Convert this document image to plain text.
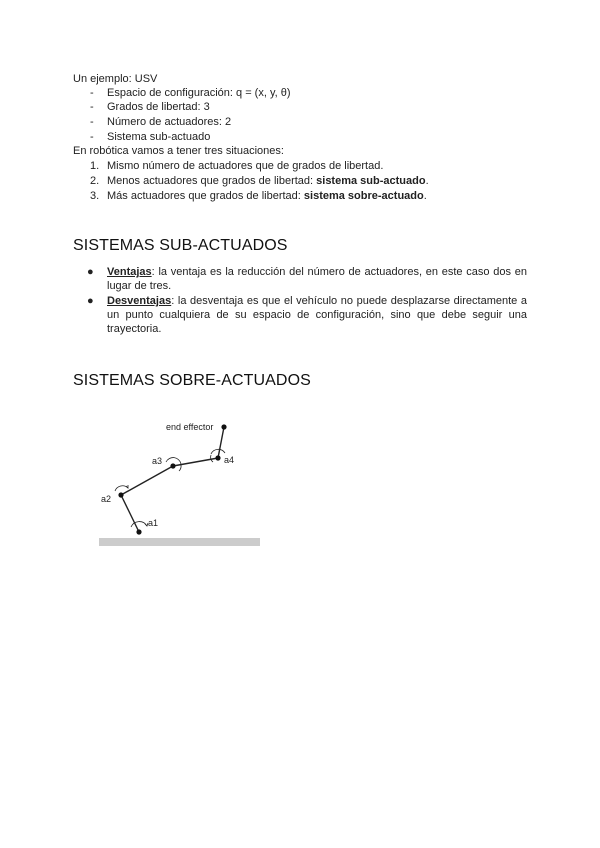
Un ejemplo: USV
-	Espacio de configuración: q = (x, y, θ)
-	Grados de libertad: 3
-	Número de actuadores: 2
-	Sistema sub-actuado
En robótica vamos a tener tres situaciones:
1. Mismo número de actuadores que de grados de libertad.
2. Menos actuadores que grados de libertad: sistema sub-actuado.
3. Más actuadores que grados de libertad: sistema sobre-actuado.
SISTEMAS SUB-ACTUADOS
● Ventajas: la ventaja es la reducción del número de actuadores, en este caso dos en lugar de tres.
● Desventajas: la desventaja es que el vehículo no puede desplazarse directamente a un punto cualquiera de su espacio de configuración, sino que debe seguir una trayectoria.
SISTEMAS SOBRE-ACTUADOS
end effector
a1
a2
a3	a4
